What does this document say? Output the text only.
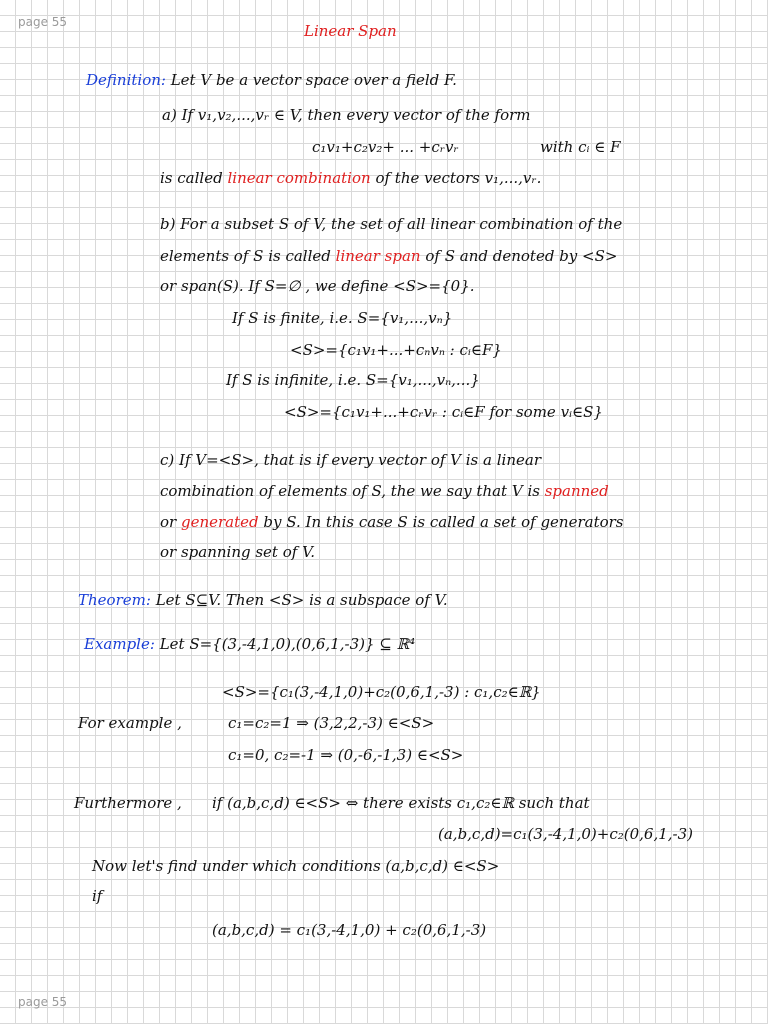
page 55	Linear Span
Definition: Let V be a vector space over a field F.
a) If v₁,v₂,...,vᵣ ∈ V, then every vector of the form
c₁v₁+c₂v₂+ ... +cᵣvᵣ	with cᵢ ∈ F
is called linear combination of the vectors v₁,...,vᵣ.
b) For a subset S of V, the set of all linear combination of the
elements of S is called linear span of S and denoted by <S>
or span(S). If S=∅ , we define <S>={0}.
If S is finite, i.e. S={v₁,...,vₙ}
<S>={c₁v₁+...+cₙvₙ : cᵢ∈F}
If S is infinite, i.e. S={v₁,...,vₙ,...}
<S>={c₁v₁+...+cᵣvᵣ : cᵢ∈F for some vᵢ∈S}
c) If V=<S>, that is if every vector of V is a linear
combination of elements of S, the we say that V is spanned
or generated by S. In this case S is called a set of generators
or spanning set of V.
Theorem: Let S⊆V. Then <S> is a subspace of V.
Example: Let S={(3,-4,1,0),(0,6,1,-3)} ⊆ ℝ⁴
<S>={c₁(3,-4,1,0)+c₂(0,6,1,-3) : c₁,c₂∈ℝ}
For example ,	c₁=c₂=1 ⇒ (3,2,2,-3) ∈<S>
c₁=0, c₂=-1 ⇒ (0,-6,-1,3) ∈<S>
Furthermore , if (a,b,c,d) ∈<S> ⇔ there exists c₁,c₂∈ℝ such that
(a,b,c,d)=c₁(3,-4,1,0)+c₂(0,6,1,-3)
Now let's find under which conditions (a,b,c,d) ∈<S>
if
(a,b,c,d) = c₁(3,-4,1,0) + c₂(0,6,1,-3)
page 55
